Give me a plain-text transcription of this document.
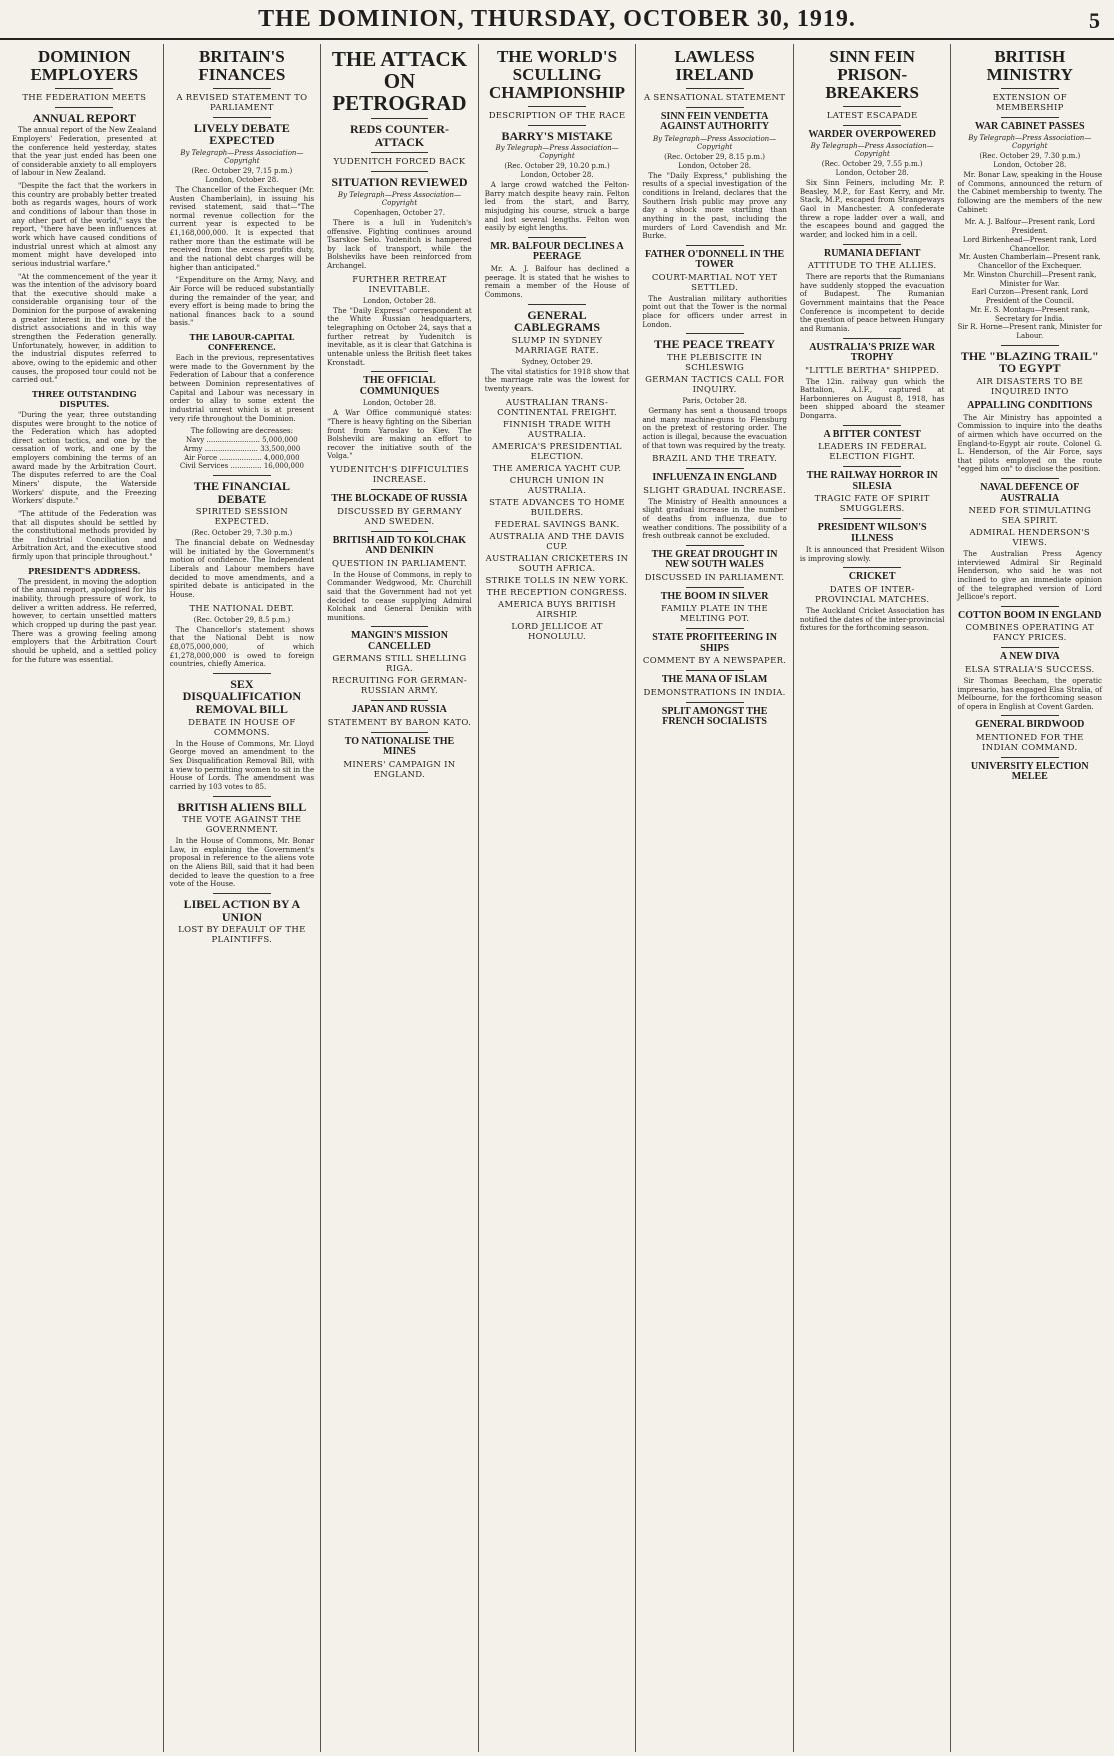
THE DOMINION, THURSDAY, OCTOBER 30, 1919.	5
DOMINION EMPLOYERS
THE FEDERATION MEETS
ANNUAL REPORT

The annual report of the New Zealand Employers' Federation, presented at the conference held yesterday, states that the year just ended has been one of considerable anxiety to all employers of labour in New Zealand.

"Despite the fact that the workers in this country are probably better treated both as regards wages, hours of work and conditions of labour than those in any other part of the world," says the report, "there have been influences at work which have caused conditions of industrial unrest which at almost any moment might have developed into serious industrial warfare."

"At the commencement of the year it was the intention of the advisory board that the executive should make a considerable organising tour of the Dominion for the purpose of awakening a greater interest in the work of the district associations and in this way strengthen the Federation generally. Unfortunately, however, in addition to the industrial disputes referred to above, owing to the epidemic and other causes, the proposed tour could not be carried out."

THREE OUTSTANDING DISPUTES.

"During the year, three outstanding disputes were brought to the notice of the Federation which has adopted direct action tactics, and one by the cessation of work, and one by the employers combining the terms of an award made by the Arbitration Court. The disputes referred to are the Coal Miners' dispute, the Waterside Workers' dispute, and the Freezing Workers' dispute."

"The attitude of the Federation was that all disputes should be settled by the constitutional methods provided by the Industrial Conciliation and Arbitration Act, and the executive stood firmly upon that principle throughout."

PRESIDENT'S ADDRESS.

The president, in moving the adoption of the annual report, apologised for his inability, through pressure of work, to deliver a written address. He referred, however, to certain unsettled matters which cropped up during the past year. There was a growing feeling among employers that the Arbitration Court should be upheld, and a settled policy for the future was essential.

BRITAIN'S FINANCES
A REVISED STATEMENT TO PARLIAMENT
LIVELY DEBATE EXPECTED
By Telegraph—Press Association—Copyright
(Rec. October 29, 7.15 p.m.)
London, October 28.

The Chancellor of the Exchequer (Mr. Austen Chamberlain), in issuing his revised statement, said that—"The normal revenue collection for the current year is expected to be £1,168,000,000. It is expected that rather more than the estimate will be received from the excess profits duty, and the national debt charges will be higher than anticipated."

"Expenditure on the Army, Navy, and Air Force will be reduced substantially during the remainder of the year, and every effort is being made to bring the national finances back to a sound basis."

THE LABOUR-CAPITAL CONFERENCE.

Each in the previous, representatives were made to the Government by the Federation of Labour that a conference between Dominion representatives of Capital and Labour was necessary in order to allay to some extent the industrial unrest which is at present very rife throughout the Dominion.

The following are decreases:
Navy ........................ 5,000,000
Army ........................ 33,500,000
Air Force ................... 4,000,000
Civil Services .............. 16,000,000
THE FINANCIAL DEBATE
SPIRITED SESSION EXPECTED.
(Rec. October 29, 7.30 p.m.)

The financial debate on Wednesday will be initiated by the Government's motion of confidence. The Independent Liberals and Labour members have decided to move amendments, and a spirited debate is anticipated in the House.

THE NATIONAL DEBT.
(Rec. October 29, 8.5 p.m.)

The Chancellor's statement shows that the National Debt is now £8,075,000,000, of which £1,278,000,000 is owed to foreign countries, chiefly America.

SEX DISQUALIFICATION REMOVAL BILL
DEBATE IN HOUSE OF COMMONS.

In the House of Commons, Mr. Lloyd George moved an amendment to the Sex Disqualification Removal Bill, with a view to permitting women to sit in the House of Lords. The amendment was carried by 103 votes to 85.

BRITISH ALIENS BILL
THE VOTE AGAINST THE GOVERNMENT.

In the House of Commons, Mr. Bonar Law, in explaining the Government's proposal in reference to the aliens vote on the Aliens Bill, said that it had been decided to leave the question to a free vote of the House.

LIBEL ACTION BY A UNION
LOST BY DEFAULT OF THE PLAINTIFFS.
THE ATTACK ON PETROGRAD
REDS COUNTER-ATTACK
YUDENITCH FORCED BACK
SITUATION REVIEWED
By Telegraph—Press Association—Copyright
Copenhagen, October 27.

There is a lull in Yudenitch's offensive. Fighting continues around Tsarskoe Selo. Yudenitch is hampered by lack of transport, while the Bolsheviks have been reinforced from Archangel.

FURTHER RETREAT INEVITABLE.
London, October 28.

The "Daily Express" correspondent at the White Russian headquarters, telegraphing on October 24, says that a further retreat by Yudenitch is inevitable, as it is clear that Gatchina is untenable unless the British fleet takes Kronstadt.

THE OFFICIAL COMMUNIQUES
London, October 28.

A War Office communiqué states: "There is heavy fighting on the Siberian front from Yaroslav to Kiev. The Bolsheviki are making an effort to recover the initiative south of the Volga."

YUDENITCH'S DIFFICULTIES INCREASE.
THE BLOCKADE OF RUSSIA
DISCUSSED BY GERMANY AND SWEDEN.
BRITISH AID TO KOLCHAK AND DENIKIN
QUESTION IN PARLIAMENT.

In the House of Commons, in reply to Commander Wedgwood, Mr. Churchill said that the Government had not yet decided to cease supplying Admiral Kolchak and General Denikin with munitions.

MANGIN'S MISSION CANCELLED
GERMANS STILL SHELLING RIGA.
RECRUITING FOR GERMAN-RUSSIAN ARMY.
JAPAN AND RUSSIA
STATEMENT BY BARON KATO.
TO NATIONALISE THE MINES
MINERS' CAMPAIGN IN ENGLAND.
THE WORLD'S SCULLING CHAMPIONSHIP
DESCRIPTION OF THE RACE
BARRY'S MISTAKE
By Telegraph—Press Association—Copyright
(Rec. October 29, 10.20 p.m.)
London, October 28.

A large crowd watched the Felton-Barry match despite heavy rain. Felton led from the start, and Barry, misjudging his course, struck a barge and lost several lengths. Felton won easily by eight lengths.

MR. BALFOUR DECLINES A PEERAGE

Mr. A. J. Balfour has declined a peerage. It is stated that he wishes to remain a member of the House of Commons.

GENERAL CABLEGRAMS
SLUMP IN SYDNEY MARRIAGE RATE.
Sydney, October 29.

The vital statistics for 1918 show that the marriage rate was the lowest for twenty years.

AUSTRALIAN TRANS-CONTINENTAL FREIGHT.
FINNISH TRADE WITH AUSTRALIA.
AMERICA'S PRESIDENTIAL ELECTION.
THE AMERICA YACHT CUP.
CHURCH UNION IN AUSTRALIA.
STATE ADVANCES TO HOME BUILDERS.
FEDERAL SAVINGS BANK.
AUSTRALIA AND THE DAVIS CUP.
AUSTRALIAN CRICKETERS IN SOUTH AFRICA.
STRIKE TOLLS IN NEW YORK.
THE RECEPTION CONGRESS.
AMERICA BUYS BRITISH AIRSHIP.
LORD JELLICOE AT HONOLULU.
LAWLESS IRELAND
A SENSATIONAL STATEMENT
SINN FEIN VENDETTA AGAINST AUTHORITY
By Telegraph—Press Association—Copyright
(Rec. October 29, 8.15 p.m.)
London, October 28.

The "Daily Express," publishing the results of a special investigation of the conditions in Ireland, declares that the Southern Irish public may prove any day a shock more startling than anything in the past, including the murders of Lord Cavendish and Mr. Burke.

FATHER O'DONNELL IN THE TOWER
COURT-MARTIAL NOT YET SETTLED.

The Australian military authorities point out that the Tower is the normal place for officers under arrest in London.

THE PEACE TREATY
THE PLEBISCITE IN SCHLESWIG
GERMAN TACTICS CALL FOR INQUIRY.
Paris, October 28.

Germany has sent a thousand troops and many machine-guns to Flensburg on the pretext of restoring order. The action is illegal, because the evacuation of that town was required by the treaty.

BRAZIL AND THE TREATY.
INFLUENZA IN ENGLAND
SLIGHT GRADUAL INCREASE.

The Ministry of Health announces a slight gradual increase in the number of deaths from influenza, due to weather conditions. The possibility of a fresh outbreak cannot be excluded.

THE GREAT DROUGHT IN NEW SOUTH WALES
DISCUSSED IN PARLIAMENT.
THE BOOM IN SILVER
FAMILY PLATE IN THE MELTING POT.
STATE PROFITEERING IN SHIPS
COMMENT BY A NEWSPAPER.
THE MANA OF ISLAM
DEMONSTRATIONS IN INDIA.
SPLIT AMONGST THE FRENCH SOCIALISTS
SINN FEIN PRISON-BREAKERS
LATEST ESCAPADE
WARDER OVERPOWERED
By Telegraph—Press Association—Copyright
(Rec. October 29, 7.55 p.m.)
London, October 28.

Six Sinn Feiners, including Mr. P. Beasley, M.P., for East Kerry, and Mr. Stack, M.P., escaped from Strangeways Gaol in Manchester. A confederate threw a rope ladder over a wall, and the escapees bound and gagged the warder, and locked him in a cell.

RUMANIA DEFIANT
ATTITUDE TO THE ALLIES.

There are reports that the Rumanians have suddenly stopped the evacuation of Budapest. The Rumanian Government maintains that the Peace Conference is incompetent to decide the question of peace between Hungary and Rumania.

AUSTRALIA'S PRIZE WAR TROPHY
"LITTLE BERTHA" SHIPPED.

The 12in. railway gun which the Battalion, A.I.F., captured at Harbonnieres on August 8, 1918, has been shipped aboard the steamer Dongarra.

A BITTER CONTEST
LEADERS IN FEDERAL ELECTION FIGHT.
THE RAILWAY HORROR IN SILESIA
TRAGIC FATE OF SPIRIT SMUGGLERS.
PRESIDENT WILSON'S ILLNESS

It is announced that President Wilson is improving slowly.

CRICKET
DATES OF INTER-PROVINCIAL MATCHES.

The Auckland Cricket Association has notified the dates of the inter-provincial fixtures for the forthcoming season.

BRITISH MINISTRY
EXTENSION OF MEMBERSHIP
WAR CABINET PASSES
By Telegraph—Press Association—Copyright
(Rec. October 29, 7.30 p.m.)
London, October 28.

Mr. Bonar Law, speaking in the House of Commons, announced the return of the Cabinet membership to twenty. The following are the members of the new Cabinet:

Mr. A. J. Balfour—Present rank, Lord President.
Lord Birkenhead—Present rank, Lord Chancellor.
Mr. Austen Chamberlain—Present rank, Chancellor of the Exchequer.
Mr. Winston Churchill—Present rank, Minister for War.
Earl Curzon—Present rank, Lord President of the Council.
Mr. E. S. Montagu—Present rank, Secretary for India.
Sir R. Horne—Present rank, Minister for Labour.
THE "BLAZING TRAIL" TO EGYPT
AIR DISASTERS TO BE INQUIRED INTO
APPALLING CONDITIONS

The Air Ministry has appointed a Commission to inquire into the deaths of airmen which have occurred on the England-to-Egypt air route. Colonel G. L. Henderson, of the Air Force, says that pilots employed on the route "egged him on" to disclose the position.

NAVAL DEFENCE OF AUSTRALIA
NEED FOR STIMULATING SEA SPIRIT.
ADMIRAL HENDERSON'S VIEWS.

The Australian Press Agency interviewed Admiral Sir Reginald Henderson, who said he was not inclined to give an immediate opinion of the telegraphed version of Lord Jellicoe's report.

COTTON BOOM IN ENGLAND
COMBINES OPERATING AT FANCY PRICES.
A NEW DIVA
ELSA STRALIA'S SUCCESS.

Sir Thomas Beecham, the operatic impresario, has engaged Elsa Stralia, of Melbourne, for the forthcoming season of opera in English at Covent Garden.

GENERAL BIRDWOOD
MENTIONED FOR THE INDIAN COMMAND.
UNIVERSITY ELECTION MELEE
